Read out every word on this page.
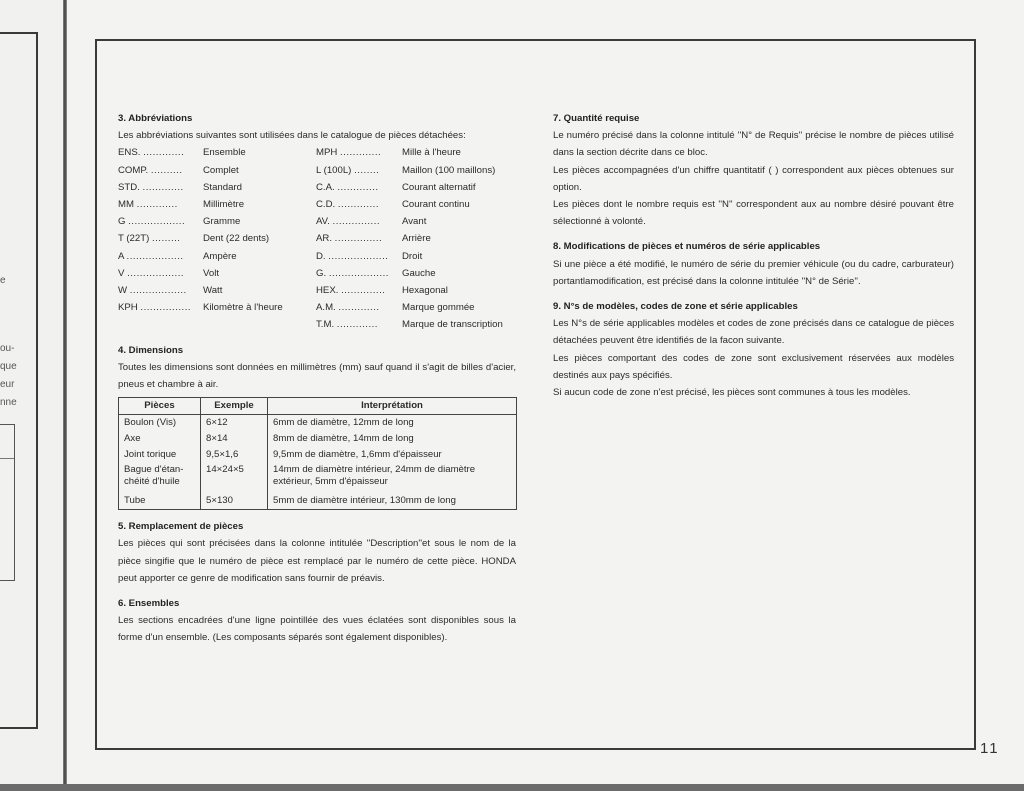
e
ou-
que
eur
nne
3. Abbréviations

Les abbréviations suivantes sont utilisées dans le catalogue de pièces détachées:

ENS. .............	Ensemble
COMP. ..........	Complet
STD. .............	Standard
MM .............	Millimètre
G ..................	Gramme
T (22T) .........	Dent (22 dents)
A ..................	Ampère
V ..................	Volt
W ..................	Watt
KPH ................	Kilomètre à l'heure
MPH .............	Mille à l'heure
L (100L) ........	Maillon (100 maillons)
C.A. .............	Courant alternatif
C.D. .............	Courant continu
AV. ...............	Avant
AR. ...............	Arrière
D. ...................	Droit
G. ...................	Gauche
HEX. ..............	Hexagonal
A.M. .............	Marque gommée
T.M. .............	Marque de transcription
4. Dimensions

Toutes les dimensions sont données en millimètres (mm) sauf quand il s'agit de billes d'acier, pneus et chambre à air.

Pièces	Exemple	Interprétation
Boulon (Vis)	6×12	6mm de diamètre, 12mm de long
Axe	8×14	8mm de diamètre, 14mm de long
Joint torique	9,5×1,6	9,5mm de diamètre, 1,6mm d'épaisseur
Bague d'étan-chéité d'huile	14×24×5	14mm de diamètre intérieur, 24mm de diamètre extérieur, 5mm d'épaisseur
Tube	5×130	5mm de diamètre intérieur, 130mm de long
5. Remplacement de pièces

Les pièces qui sont précisées dans la colonne intitulée ''Description''et sous le nom de la pièce singifie que le numéro de pièce est remplacé par le numéro de cette pièce. HONDA peut apporter ce genre de modification sans fournir de préavis.

6. Ensembles

Les sections encadrées d'une ligne pointillée des vues éclatées sont disponibles sous la forme d'un ensemble. (Les composants séparés sont également disponibles).

7. Quantité requise

Le numéro précisé dans la colonne intitulé ''N° de Requis'' précise le nombre de pièces utilisé dans la section décrite dans ce bloc.

Les pièces accompagnées d'un chiffre quantitatif ( ) correspondent aux pièces obtenues sur option.

Les pièces dont le nombre requis est ''N'' correspondent aux au nombre désiré pouvant être sélectionné à volonté.

8. Modifications de pièces et numéros de série applicables

Si une pièce a été modifié, le numéro de série du premier véhicule (ou du cadre, carburateur) portantlamodification, est précisé dans la colonne intitulée ''N° de Série''.

9. N°s de modèles, codes de zone et série applicables

Les N°s de série applicables modèles et codes de zone précisés dans ce catalogue de pièces détachées peuvent être identifiés de la facon suivante.

Les pièces comportant des codes de zone sont exclusivement réservées aux modèles destinés aux pays spécifiés.

Si aucun code de zone n'est précisé, les pièces sont communes à tous les modèles.

11
